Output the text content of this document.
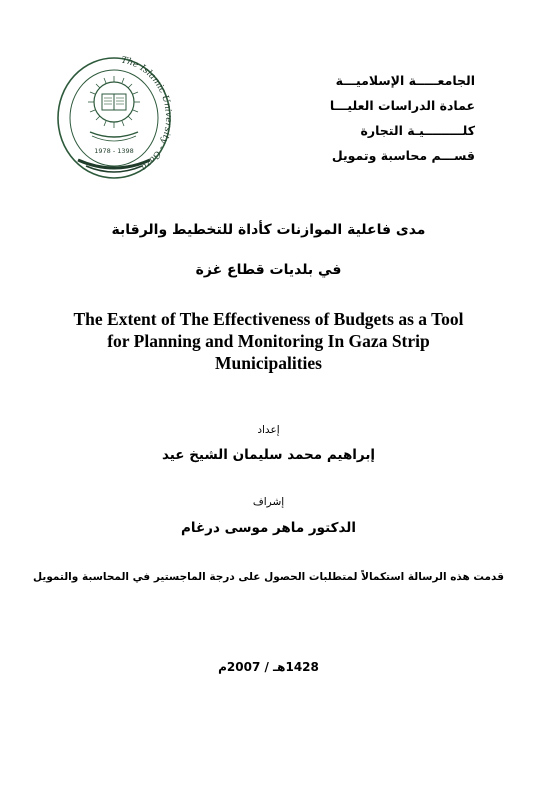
الجامعـــــة الإسلاميـــة
عمادة الدراسات العليـــا
كلـــــــــيـة التجارة
قســـم محاسبة وتمويل
The Islamic Uni rsity - Gaza
1978 - 1398
مدى فاعلية الموازنات كأداة للتخطيط والرقابة
في بلديات قطاع غزة
The Extent of The Effectiveness of Budgets as a Tool
for Planning and Monitoring In Gaza Strip
Municipalities
إعداد
إبراهيم محمد سليمان الشيخ عيد
إشراف
الدكتور ماهر موسى درغام
قدمت هذه الرسالة استكمالاً لمتطلبات الحصول على درجة الماجستير في المحاسبة والتمويل
1428هـ / 2007م
